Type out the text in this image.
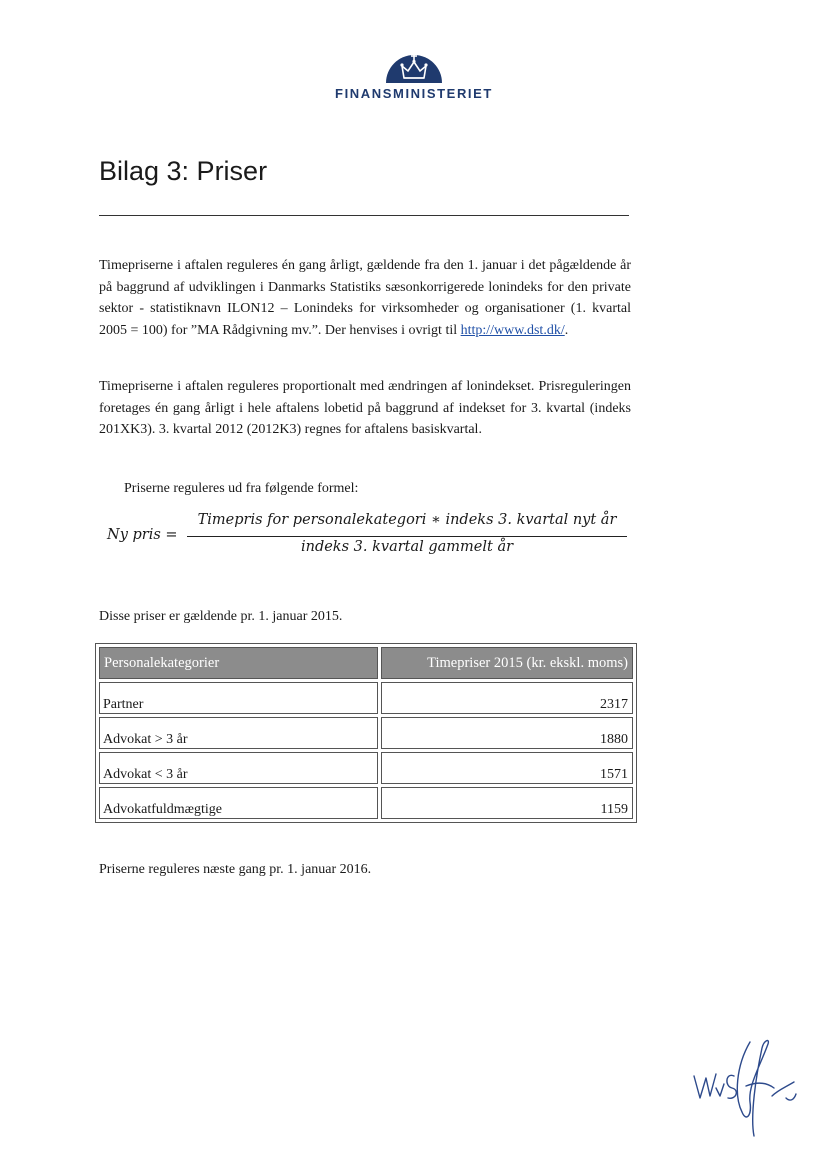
FINANSMINISTERIET
Bilag 3: Priser

Timepriserne i aftalen reguleres én gang årligt, gældende fra den 1. januar i det pågældende år på baggrund af udviklingen i Danmarks Statistiks sæsonkorrigerede lonindeks for den private sektor - statistiknavn ILON12 – Lonindeks for virksomheder og organisationer (1. kvartal 2005 = 100) for ”MA Rådgivning mv.”. Der henvises i ovrigt til http://www.dst.dk/.

Timepriserne i aftalen reguleres proportionalt med ændringen af lonindekset. Prisreguleringen foretages én gang årligt i hele aftalens lobetid på baggrund af indekset for 3. kvartal (indeks 201XK3). 3. kvartal 2012 (2012K3) regnes for aftalens basiskvartal.

Priserne reguleres ud fra følgende formel:

Ny pris =
Timepris for personalekategori ∗ indeks 3. kvartal nyt år
indeks 3. kvartal gammelt år

Disse priser er gældende pr. 1. januar 2015.

Personalekategorier	Timepriser 2015 (kr. ekskl. moms)
Partner	2317
Advokat > 3 år	1880
Advokat < 3 år	1571
Advokatfuldmægtige	1159

Priserne reguleres næste gang pr. 1. januar 2016.
